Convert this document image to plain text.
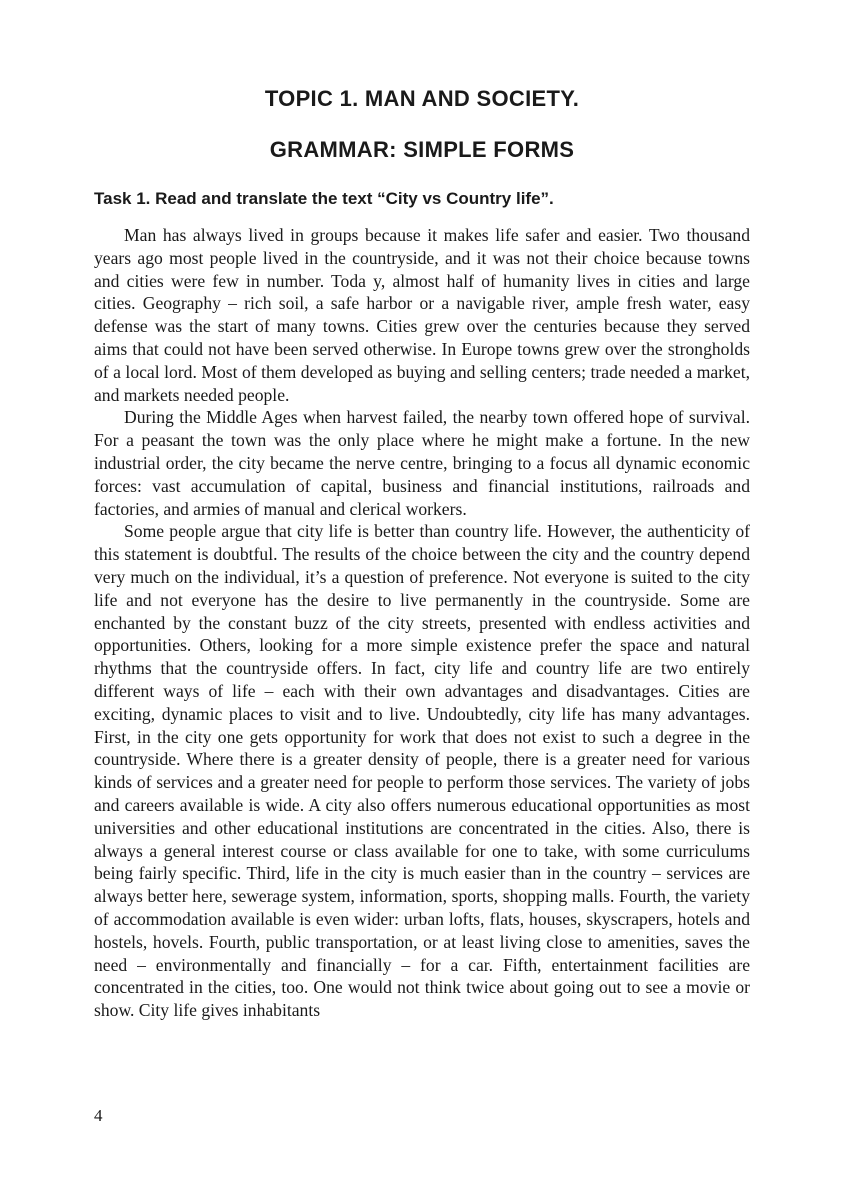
TOPIC 1. MAN AND SOCIETY.
GRAMMAR: SIMPLE FORMS
Task 1. Read and translate the text “City vs Country life”.

Man has always lived in groups because it makes life safer and easier. Two thousand years ago most people lived in the countryside, and it was not their choice because towns and cities were few in number. Toda y, almost half of humanity lives in cities and large cities. Geography – rich soil, a safe harbor or a navigable river, ample fresh water, easy defense was the start of many towns. Cities grew over the centuries because they served aims that could not have been served otherwise. In Europe towns grew over the strongholds of a local lord. Most of them developed as buying and selling centers; trade needed a market, and markets needed people.

During the Middle Ages when harvest failed, the nearby town offered hope of survival. For a peasant the town was the only place where he might make a fortune. In the new industrial order, the city became the nerve centre, bringing to a focus all dynamic economic forces: vast accumulation of capital, business and financial institutions, railroads and factories, and armies of manual and clerical workers.

Some people argue that city life is better than country life. However, the authenticity of this statement is doubtful. The results of the choice between the city and the country depend very much on the individual, it’s a question of preference. Not everyone is suited to the city life and not everyone has the desire to live permanently in the countryside. Some are enchanted by the constant buzz of the city streets, presented with endless activities and opportunities. Others, looking for a more simple existence prefer the space and natural rhythms that the countryside offers. In fact, city life and country life are two entirely different ways of life – each with their own advantages and disadvantages. Cities are exciting, dynamic places to visit and to live. Undoubtedly, city life has many advantages. First, in the city one gets opportunity for work that does not exist to such a degree in the countryside. Where there is a greater density of people, there is a greater need for various kinds of services and a greater need for people to perform those services. The variety of jobs and careers available is wide. A city also offers numerous educational opportunities as most universities and other educational institutions are concentrated in the cities. Also, there is always a general interest course or class available for one to take, with some curriculums being fairly specific. Third, life in the city is much easier than in the country – services are always better here, sewerage system, information, sports, shopping malls. Fourth, the variety of accommodation available is even wider: urban lofts, flats, houses, skyscrapers, hotels and hostels, hovels. Fourth, public transportation, or at least living close to amenities, saves the need – environmentally and financially – for a car. Fifth, entertainment facilities are concentrated in the cities, too. One would not think twice about going out to see a movie or show. City life gives inhabitants

4
